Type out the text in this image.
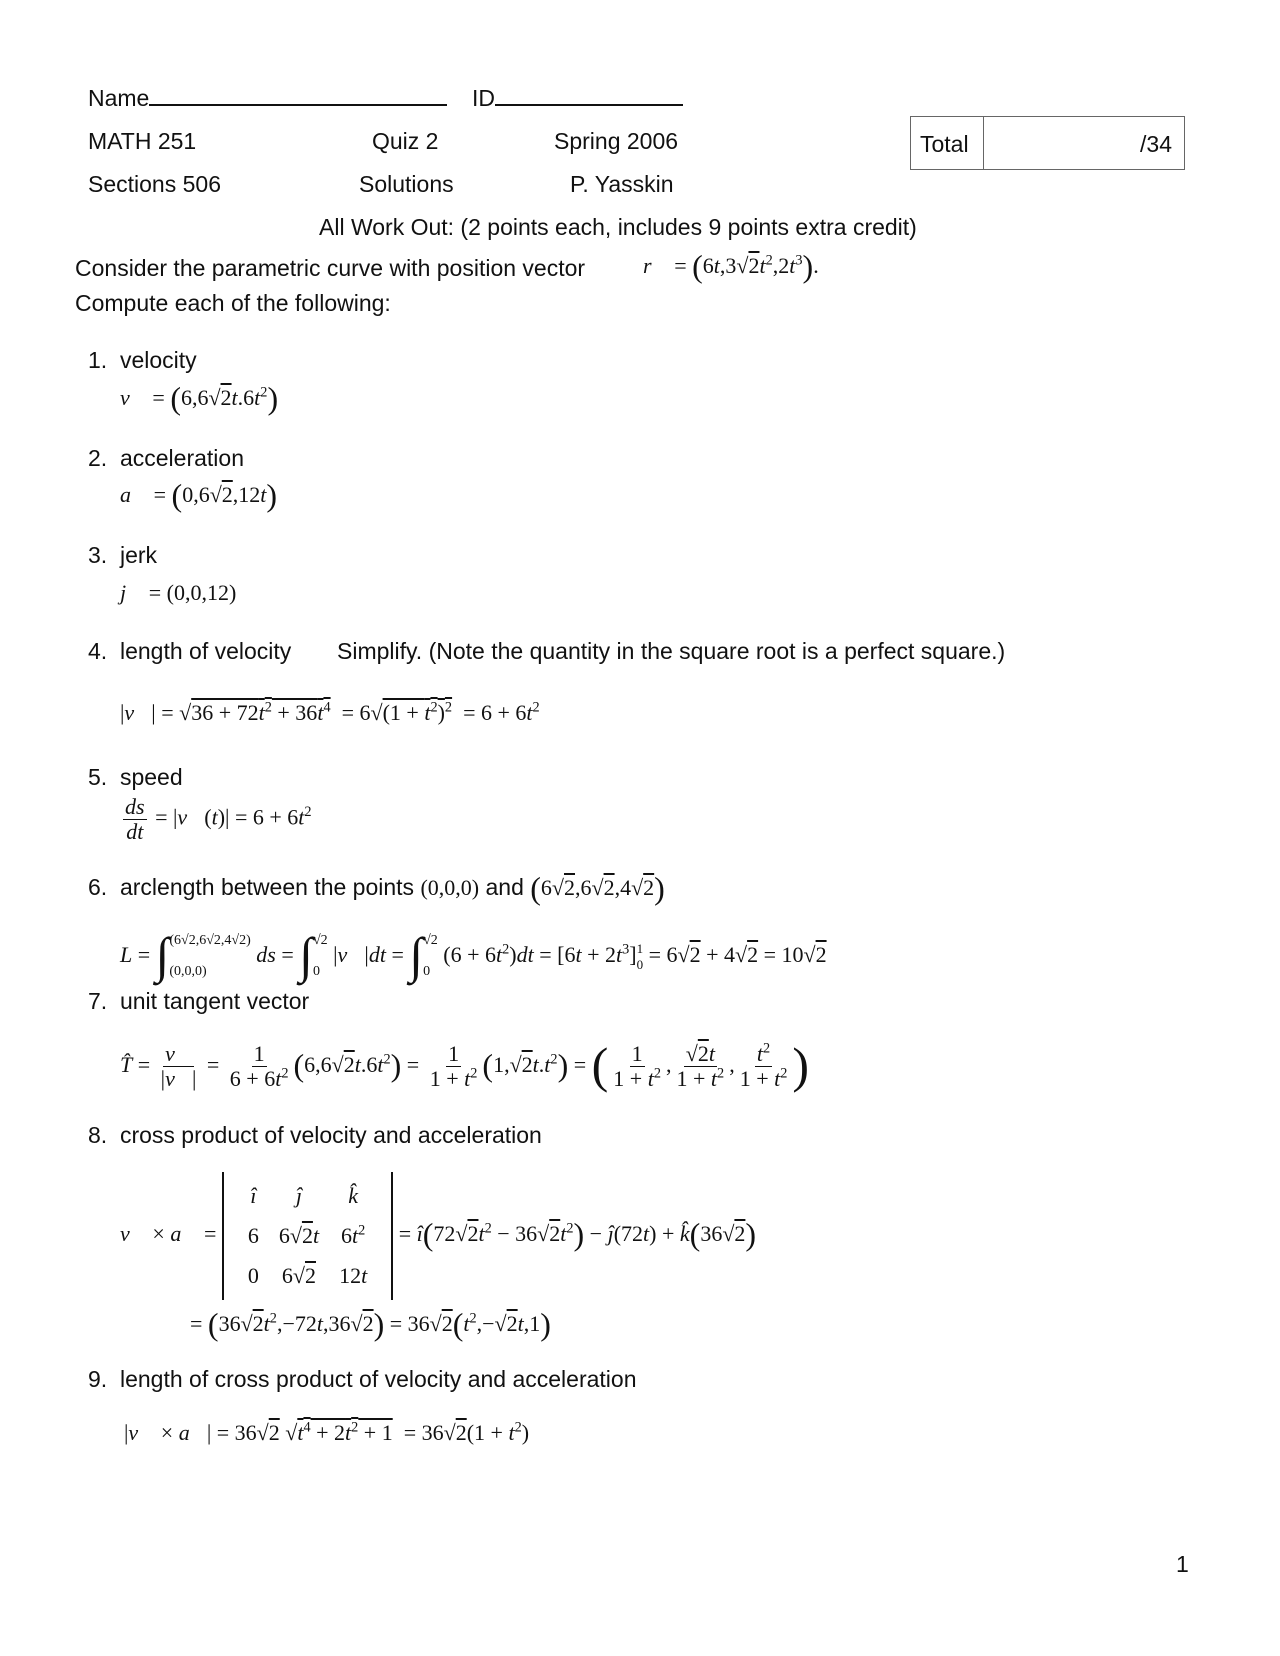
Name	ID
MATH 251	Quiz 2	Spring 2006
Sections 506	Solutions	P. Yasskin
Total	/34
All Work Out: (2 points each, includes 9 points extra credit)
Consider the parametric curve with position vector	r⃗ = $(6t,3√2t^2,2t^3)$.
Compute each of the following:
1. velocity
v⃗ = $(6,6√2t.6t^2)$
2. acceleration
a⃗ = (0,6√2,12t)
3. jerk
j⃗ = (0,0,12)
4. length of velocity Simplify. (Note the quantity in the square root is a perfect square.)
|v⃗| = $√36 + 72t^2 + 36t^4 = 6√(1 + t^2)^2 = 6 + 6t^2$
5. speed
$\frac{ds}{dt}$ = |v⃗(t)| = $6 + 6t^2$
6. arclength between the points (0,0,0) and (6√2,6√2,4√2)
L = ∫ (6√2,6√2,4√2)
(0,0,0)
ds = ∫ √2
0
|v⃗|dt = ∫ √2
0
$(6 + 6t^2)dt = [6t + 2t^3]$ 1
0 = 6√2 + 4√2 = 10√2
7. unit tangent vector
T̂ = $\frac{v⃗}{|v⃗|} = \frac{1}{6 + 6t^2} (6,6√2t.6t^2) = \frac{1}{1 + t^2} (1,√2t.t^2)$ = ( $\frac{1}{1 + t^2}$ , $\frac{√2t}{1 + t^2}$ , $\frac{t^2}{1 + t^2}$ )
8. cross product of velocity and acceleration
v⃗ × a⃗ =
î	ĵ	k̂
6	6√2t	$6t^2$
0	6√2	12t
= $î(72√2t^2 - 36√2t^2)$ − ĵ(72t) + k̂(36√2)
= $(36√2t^2,-72t,36√2) = 36√2(t^2,-√2t,1)$
9. length of cross product of velocity and acceleration
|v⃗ × a⃗| = 36√2 $√t^4 + 2t^2 + 1 = 36√2(1 + t^2)$
1
